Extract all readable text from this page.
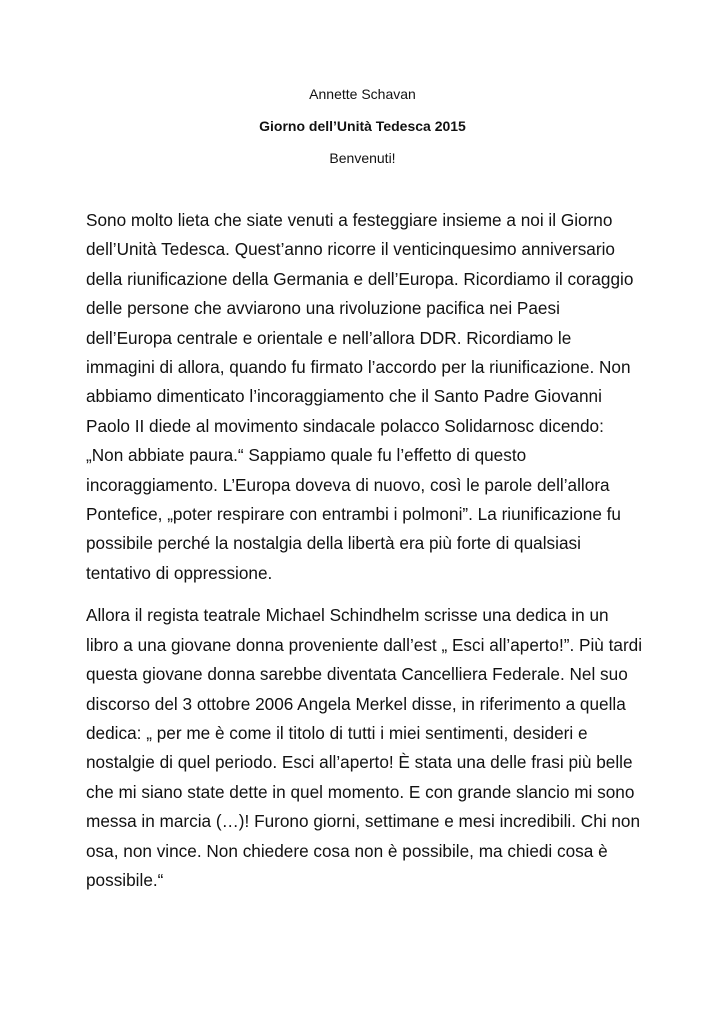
Annette Schavan
Giorno dell’Unità Tedesca 2015
Benvenuti!

Sono molto lieta che siate venuti a festeggiare insieme a noi il Giorno
dell’Unità Tedesca. Quest’anno ricorre il venticinquesimo anniversario
della riunificazione della Germania e dell’Europa. Ricordiamo il coraggio
delle persone che avviarono una rivoluzione pacifica nei Paesi
dell’Europa centrale e orientale e nell’allora DDR. Ricordiamo le
immagini di allora, quando fu firmato l’accordo per la riunificazione. Non
abbiamo dimenticato l’incoraggiamento che il Santo Padre Giovanni
Paolo II diede al movimento sindacale polacco Solidarnosc dicendo:
„Non abbiate paura.“ Sappiamo quale fu l’effetto di questo
incoraggiamento. L’Europa doveva di nuovo, così le parole dell’allora
Pontefice, „poter respirare con entrambi i polmoni”. La riunificazione fu
possibile perché la nostalgia della libertà era più forte di qualsiasi
tentativo di oppressione.

Allora il regista teatrale Michael Schindhelm scrisse una dedica in un
libro a una giovane donna proveniente dall’est „ Esci all’aperto!”. Più tardi
questa giovane donna sarebbe diventata Cancelliera Federale. Nel suo
discorso del 3 ottobre 2006 Angela Merkel disse, in riferimento a quella
dedica: „ per me è come il titolo di tutti i miei sentimenti, desideri e
nostalgie di quel periodo. Esci all’aperto! È stata una delle frasi più belle
che mi siano state dette in quel momento. E con grande slancio mi sono
messa in marcia (…)! Furono giorni, settimane e mesi incredibili. Chi non
osa, non vince. Non chiedere cosa non è possibile, ma chiedi cosa è
possibile.“
